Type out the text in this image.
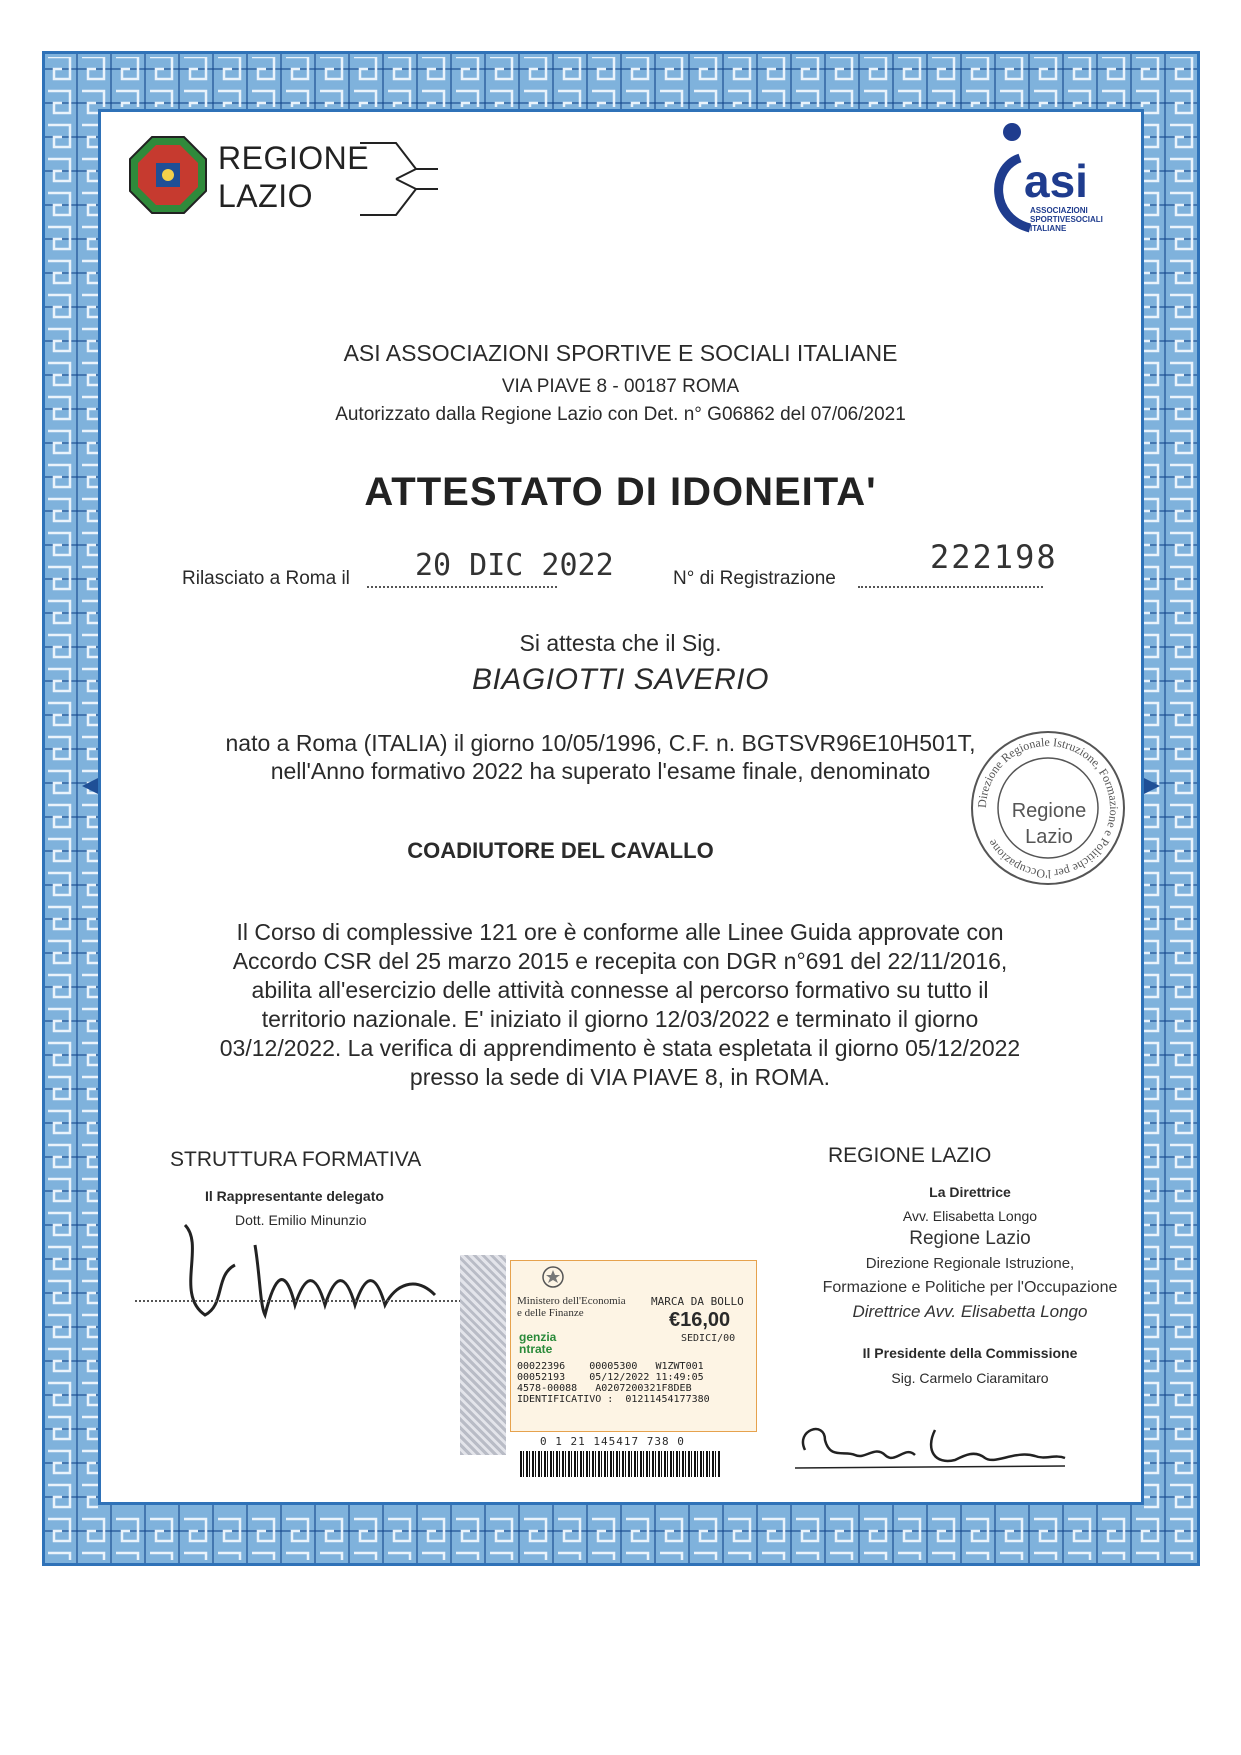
REGIONE
LAZIO	asi
ASSOCIAZIONI
SPORTIVESOCIALI
ITALIANE
ASI ASSOCIAZIONI SPORTIVE E SOCIALI ITALIANE
VIA PIAVE 8 - 00187 ROMA
Autorizzato dalla Regione Lazio con Det. n° G06862 del 07/06/2021
ATTESTATO DI IDONEITA'
Rilasciato a Roma il 20 DIC 2022	N° di Registrazione
222198
Si attesta che il Sig.
BIAGIOTTI SAVERIO
nato a Roma (ITALIA) il giorno 10/05/1996, C.F. n. BGTSVR96E10H501T,
nell'Anno formativo 2022 ha superato l'esame finale, denominato
COADIUTORE DEL CAVALLO
Il Corso di complessive 121 ore è conforme alle Linee Guida approvate con
Accordo CSR del 25 marzo 2015 e recepita con DGR n°691 del 22/11/2016,
abilita all'esercizio delle attività connesse al percorso formativo su tutto il
territorio nazionale. E' iniziato il giorno 12/03/2022 e terminato il giorno
03/12/2022. La verifica di apprendimento è stata espletata il giorno 05/12/2022
presso la sede di VIA PIAVE 8, in ROMA.
Direzione Regionale Istruzione, Formazione e Politiche per l'Occupazione
Regione
Lazio
STRUTTURA FORMATIVA
Il Rappresentante delegato
Dott. Emilio Minunzio
REGIONE LAZIO
La Direttrice
Avv. Elisabetta Longo
Regione Lazio
Direzione Regionale Istruzione,
Formazione e Politiche per l'Occupazione
Direttrice Avv. Elisabetta Longo
Il Presidente della Commissione
Sig. Carmelo Ciaramitaro
Ministero dell'Economia
e delle Finanze
MARCA DA BOLLO
€16,00
SEDICI/00
genzia
ntrate
00022396    00005300   W1ZWT001
00052193    05/12/2022 11:49:05
4578-00088   A0207200321F8DEB
IDENTIFICATIVO :  01211454177380
0 1 21 145417 738 0
